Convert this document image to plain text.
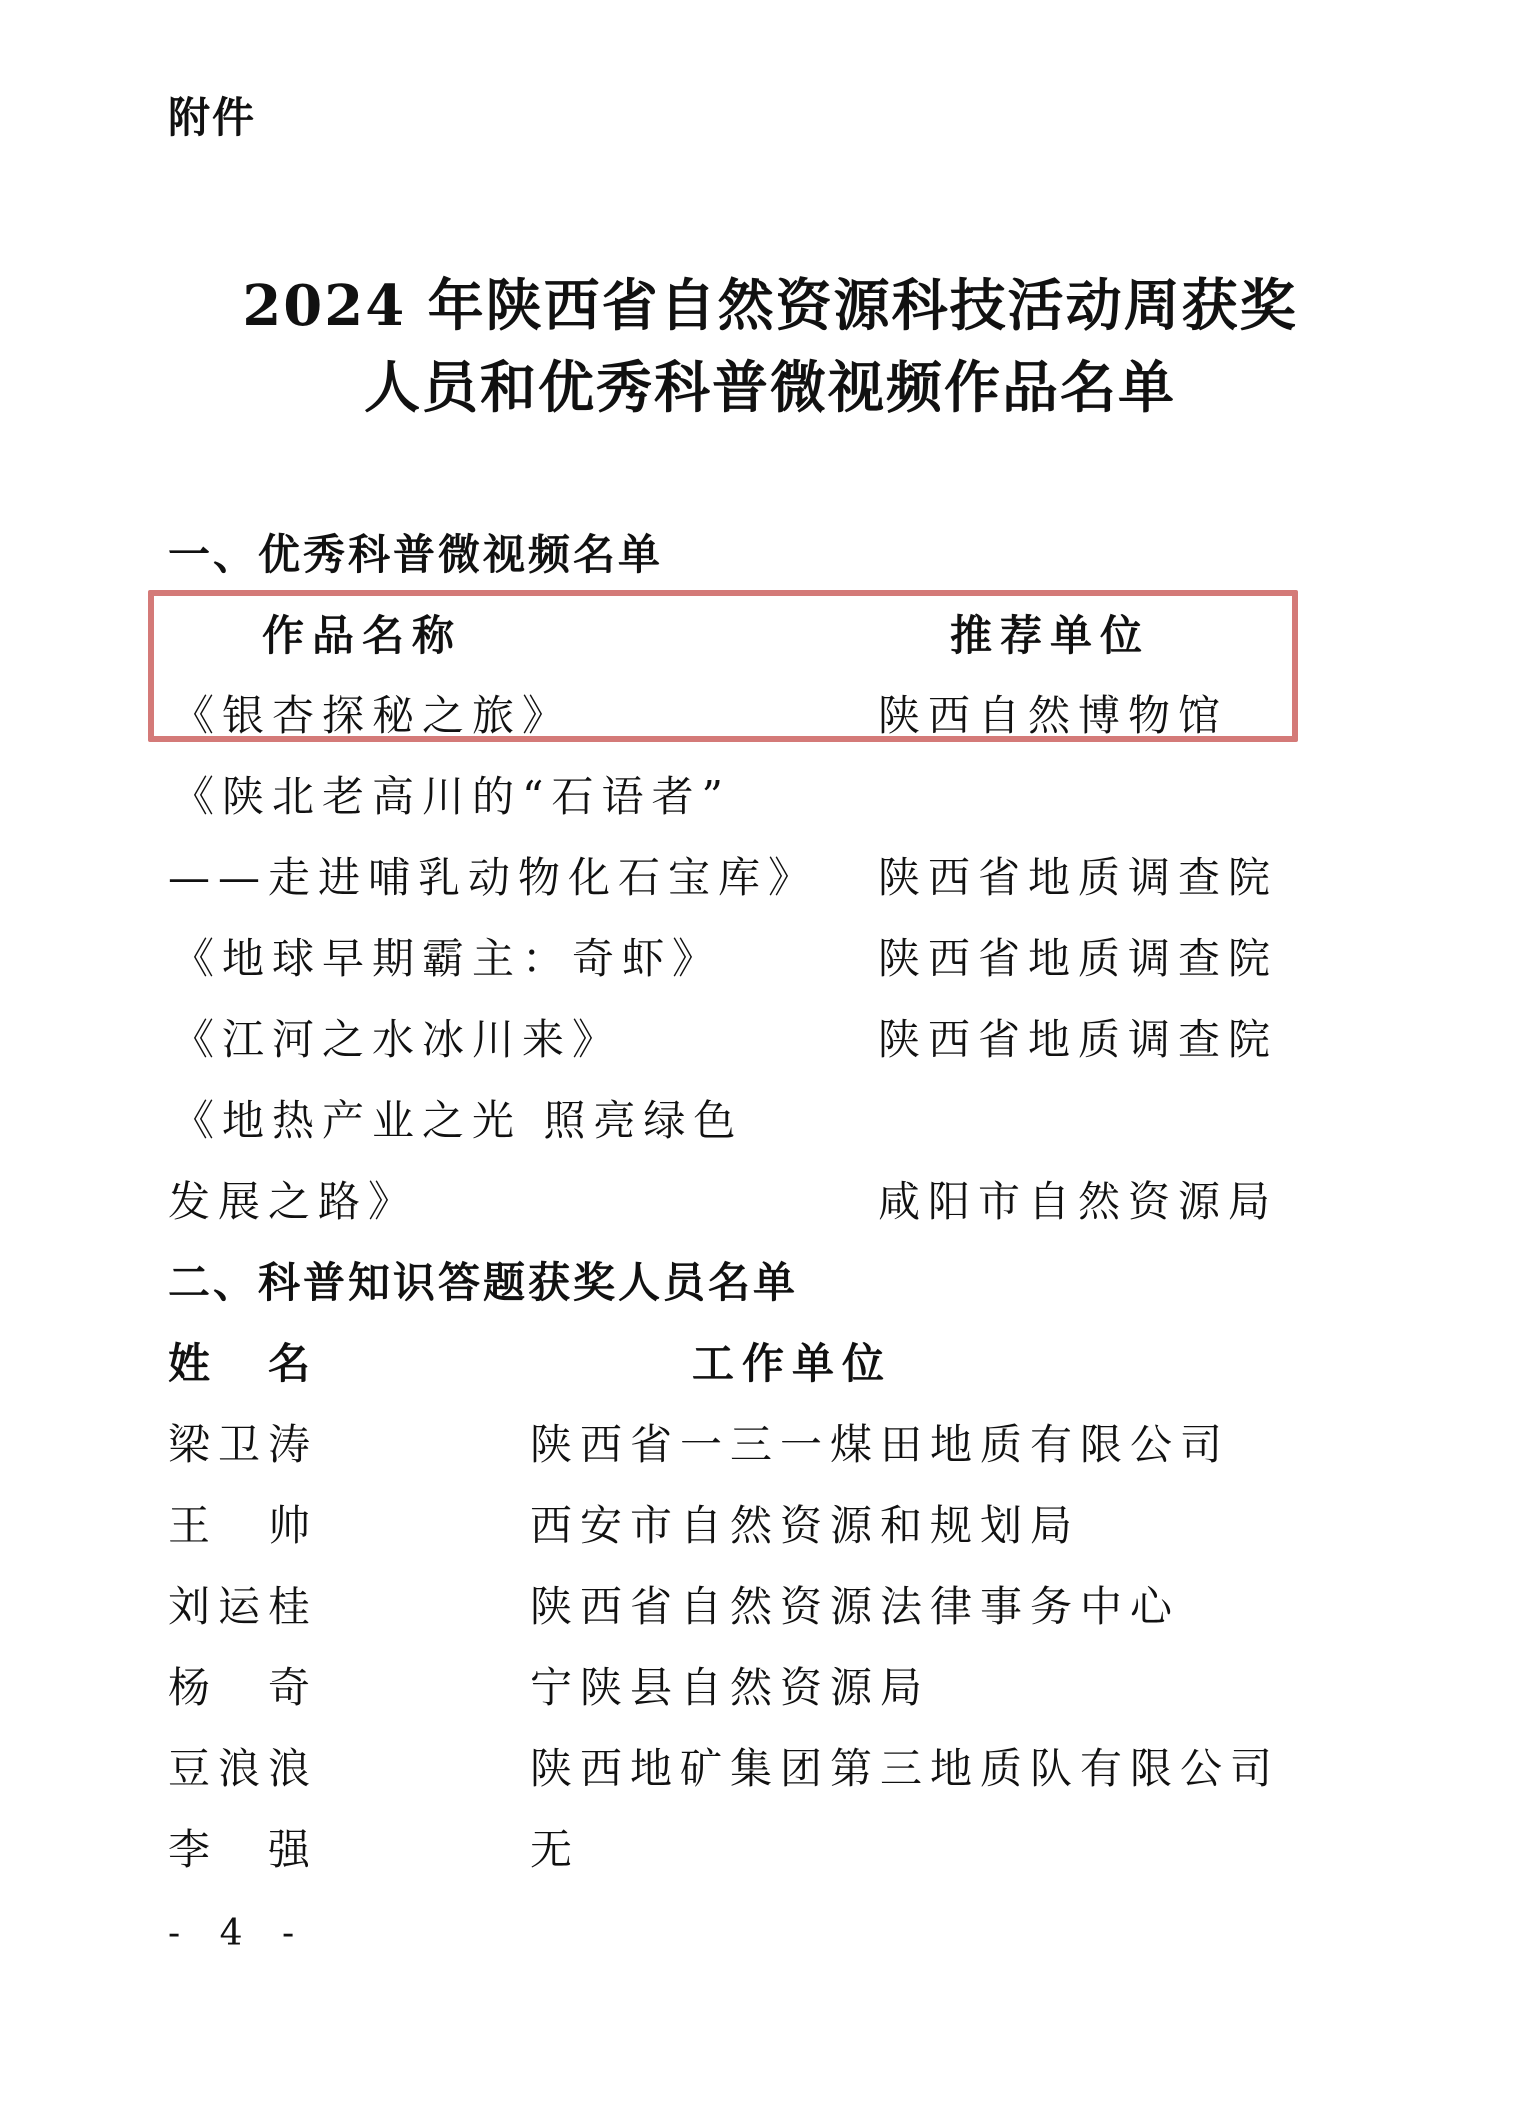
附件
2024 年陕西省自然资源科技活动周获奖
人员和优秀科普微视频作品名单
一、优秀科普微视频名单
作品名称	推荐单位
《银杏探秘之旅》	陕西自然博物馆
《陕北老高川的“石语者”
——走进哺乳动物化石宝库》 陕西省地质调查院
《地球早期霸主：奇虾》	陕西省地质调查院
《江河之水冰川来》	陕西省地质调查院
《地热产业之光 照亮绿色
发展之路》	咸阳市自然资源局
二、科普知识答题获奖人员名单
姓　名	工作单位
梁卫涛	陕西省一三一煤田地质有限公司
王　帅	西安市自然资源和规划局
刘运桂	陕西省自然资源法律事务中心
杨　奇	宁陕县自然资源局
豆浪浪	陕西地矿集团第三地质队有限公司
李　强	无
- 4 -
